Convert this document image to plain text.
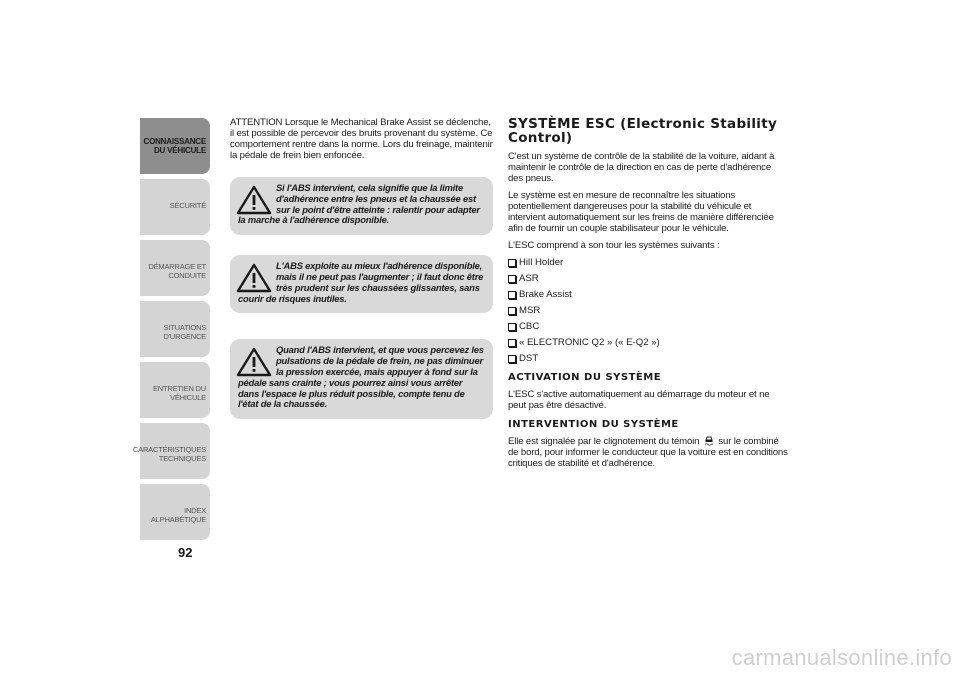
CONNAISSANCE
DU VÉHICULE
SÉCURITÉ
DÉMARRAGE ET
CONDUITE
SITUATIONS
D'URGENCE
ENTRETIEN DU
VÉHICULE
CARACTÉRISTIQUES
TECHNIQUES
INDEX
ALPHABÉTIQUE
92

ATTENTION Lorsque le Mechanical Brake Assist se déclenche, il est possible de percevoir des bruits provenant du système. Ce comportement rentre dans la norme. Lors du freinage, maintenir la pédale de frein bien enfoncée.

Si l'ABS intervient, cela signifie que la limite d'adhérence entre les pneus et la chaussée est sur le point d'être atteinte : ralentir pour adapter la marche à l'adhérence disponible.
L'ABS exploite au mieux l'adhérence disponible, mais il ne peut pas l'augmenter ; il faut donc être très prudent sur les chaussées glissantes, sans courir de risques inutiles.
Quand l'ABS intervient, et que vous percevez les pulsations de la pédale de frein, ne pas diminuer la pression exercée, mais appuyer à fond sur la pédale sans crainte ; vous pourrez ainsi vous arrêter dans l'espace le plus réduit possible, compte tenu de l'état de la chaussée.
SYSTÈME ESC (Electronic Stability Control)

C'est un système de contrôle de la stabilité de la voiture, aidant à maintenir le contrôle de la direction en cas de perte d'adhérence des pneus.

Le système est en mesure de reconnaître les situations potentiellement dangereuses pour la stabilité du véhicule et intervient automatiquement sur les freins de manière différenciée afin de fournir un couple stabilisateur pour le véhicule.

L'ESC comprend à son tour les systèmes suivants :

Hill Holder
ASR
Brake Assist
MSR
CBC
« ELECTRONIC Q2 » (« E-Q2 »)
DST
ACTIVATION DU SYSTÈME

L'ESC s'active automatiquement au démarrage du moteur et ne peut pas être désactivé.

INTERVENTION DU SYSTÈME

Elle est signalée par le clignotement du témoin sur le combiné de bord, pour informer le conducteur que la voiture est en conditions critiques de stabilité et d'adhérence.

carmanualsonline.info
